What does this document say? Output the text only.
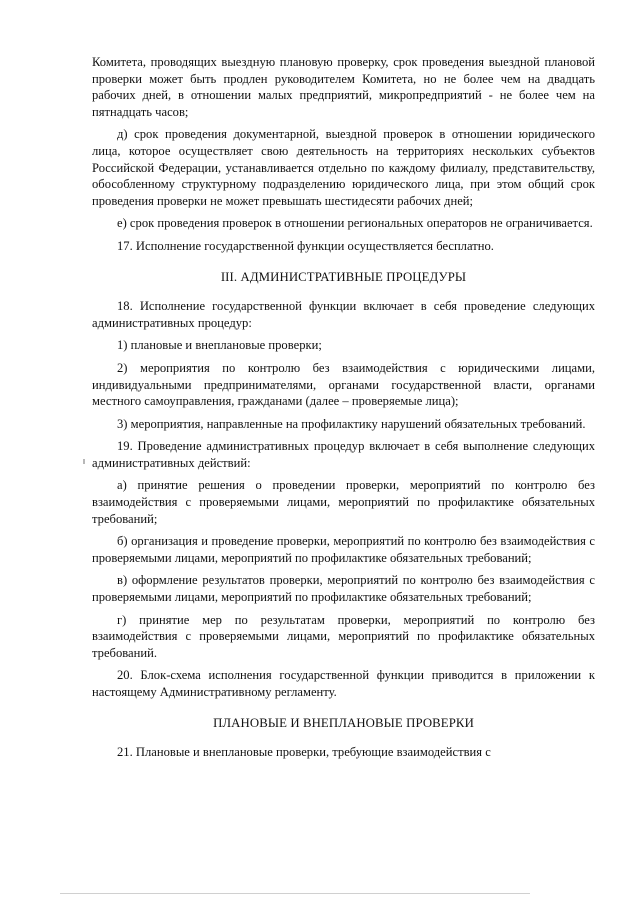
Комитета, проводящих выездную плановую проверку, срок проведения выездной плановой проверки может быть продлен руководителем Комитета, но не более чем на двадцать рабочих дней, в отношении малых предприятий, микропредприятий - не более чем на пятнадцать часов;

д) срок проведения документарной, выездной проверок в отношении юридического лица, которое осуществляет свою деятельность на территориях нескольких субъектов Российской Федерации, устанавливается отдельно по каждому филиалу, представительству, обособленному структурному подразделению юридического лица, при этом общий срок проведения проверки не может превышать шестидесяти рабочих дней;

е) срок проведения проверок в отношении региональных операторов не ограничивается.

17. Исполнение государственной функции осуществляется бесплатно.

III. АДМИНИСТРАТИВНЫЕ ПРОЦЕДУРЫ

18. Исполнение государственной функции включает в себя проведение следующих административных процедур:

1) плановые и внеплановые проверки;

2) мероприятия по контролю без взаимодействия с юридическими лицами, индивидуальными предпринимателями, органами государственной власти, органами местного самоуправления, гражданами (далее – проверяемые лица);

3) мероприятия, направленные на профилактику нарушений обязательных требований.

19. Проведение административных процедур включает в себя выполнение следующих административных действий:

а) принятие решения о проведении проверки, мероприятий по контролю без взаимодействия с проверяемыми лицами, мероприятий по профилактике обязательных требований;

б) организация и проведение проверки, мероприятий по контролю без взаимодействия с проверяемыми лицами, мероприятий по профилактике обязательных требований;

в) оформление результатов проверки, мероприятий по контролю без взаимодействия с проверяемыми лицами, мероприятий по профилактике обязательных требований;

г) принятие мер по результатам проверки, мероприятий по контролю без взаимодействия с проверяемыми лицами, мероприятий по профилактике обязательных требований.

20. Блок-схема исполнения государственной функции приводится в приложении к настоящему Административному регламенту.

ПЛАНОВЫЕ И ВНЕПЛАНОВЫЕ ПРОВЕРКИ

21. Плановые и внеплановые проверки, требующие взаимодействия с
